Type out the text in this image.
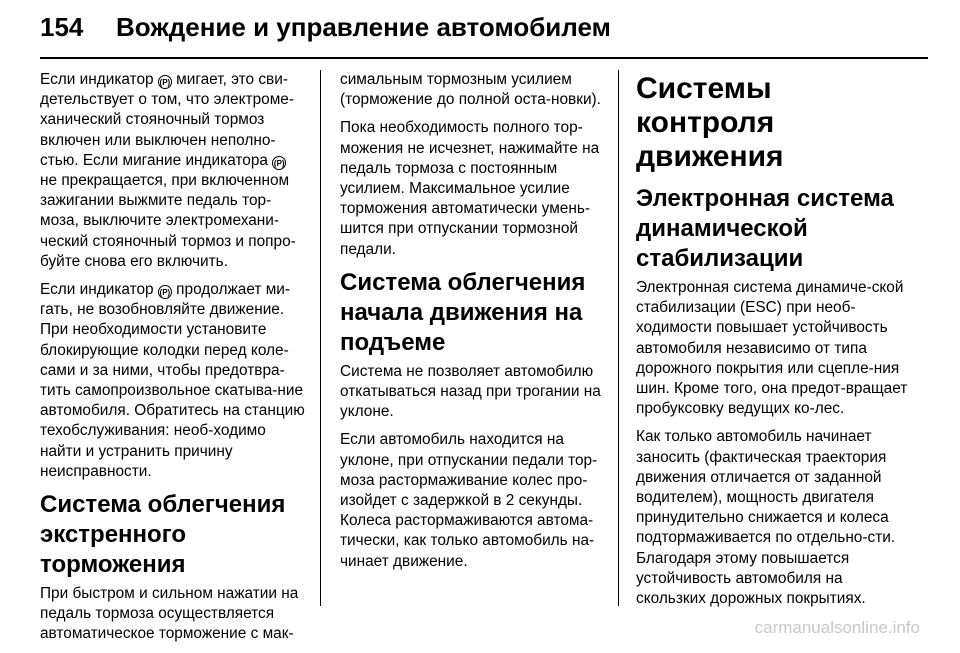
154 Вождение и управление автомобилем

Если индикатор (P) мигает, это сви-детельствует о том, что электроме-ханический стояночный тормоз включен или выключен неполно-стью. Если мигание индикатора (P) не прекращается, при включенном зажигании выжмите педаль тор-моза, выключите электромехани-ческий стояночный тормоз и попро-буйте снова его включить.

Если индикатор (P) продолжает ми-гать, не возобновляйте движение. При необходимости установите блокирующие колодки перед коле-сами и за ними, чтобы предотвра-тить самопроизвольное скатыва-ние автомобиля. Обратитесь на станцию техобслуживания: необ-ходимо найти и устранить причину неисправности.

Система облегчения экстренного торможения

При быстром и сильном нажатии на педаль тормоза осуществляется автоматическое торможение с мак-

симальным тормозным усилием (торможение до полной оста-новки).

Пока необходимость полного тор-можения не исчезнет, нажимайте на педаль тормоза с постоянным усилием. Максимальное усилие торможения автоматически умень-шится при отпускании тормозной педали.

Система облегчения начала движения на подъеме

Система не позволяет автомобилю откатываться назад при трогании на уклоне.

Если автомобиль находится на уклоне, при отпускании педали тор-моза растормаживание колес про-изойдет с задержкой в 2 секунды. Колеса растормаживаются автома-тически, как только автомобиль на-чинает движение.

Системы контроля движения
Электронная система динамической стабилизации

Электронная система динамиче-ской стабилизации (ESC) при необ-ходимости повышает устойчивость автомобиля независимо от типа дорожного покрытия или сцепле-ния шин. Кроме того, она предот-вращает пробуксовку ведущих ко-лес.

Как только автомобиль начинает заносить (фактическая траектория движения отличается от заданной водителем), мощность двигателя принудительно снижается и колеса подтормаживается по отдельно-сти. Благодаря этому повышается устойчивость автомобиля на скользких дорожных покрытиях.

carmanualsonline.info
